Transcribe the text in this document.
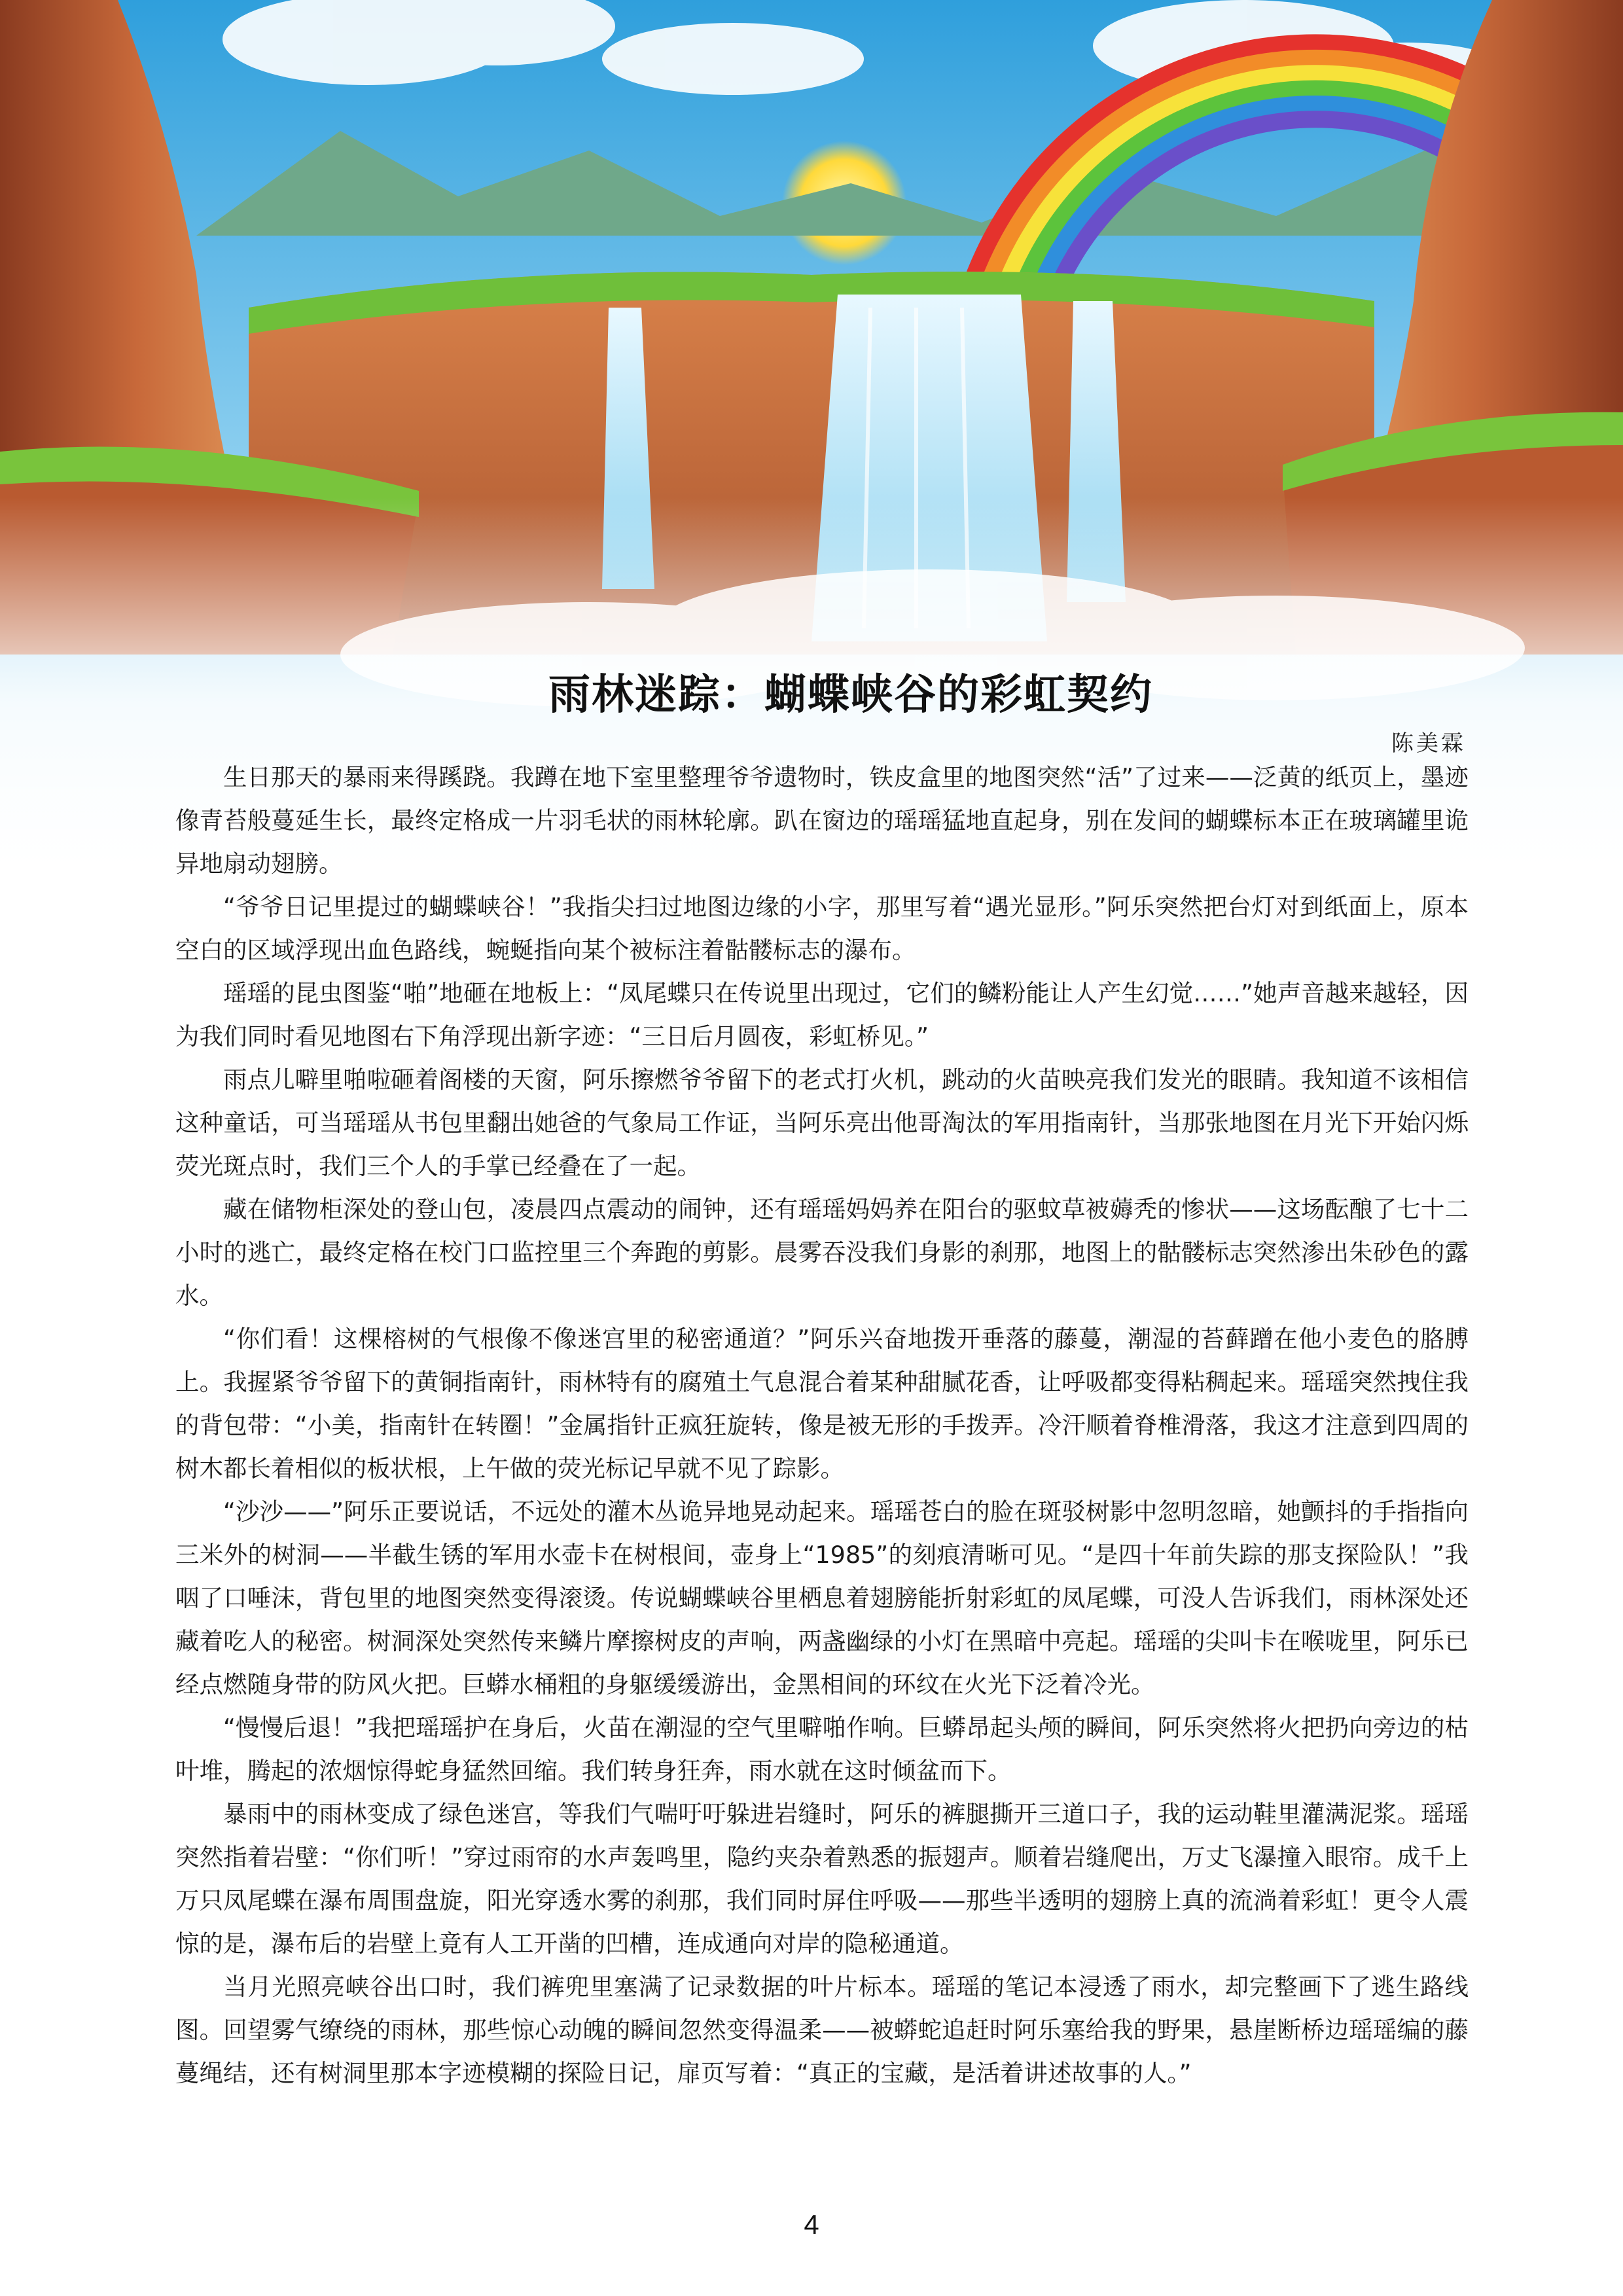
雨林迷踪：蝴蝶峡谷的彩虹契约
陈美霖

生日那天的暴雨来得蹊跷。我蹲在地下室里整理爷爷遗物时，铁皮盒里的地图突然“活”了过来——泛黄的纸页上，墨迹像青苔般蔓延生长，最终定格成一片羽毛状的雨林轮廓。趴在窗边的瑶瑶猛地直起身，别在发间的蝴蝶标本正在玻璃罐里诡异地扇动翅膀。

“爷爷日记里提过的蝴蝶峡谷！”我指尖扫过地图边缘的小字，那里写着“遇光显形。”阿乐突然把台灯对到纸面上，原本空白的区域浮现出血色路线，蜿蜒指向某个被标注着骷髅标志的瀑布。

瑶瑶的昆虫图鉴“啪”地砸在地板上：“凤尾蝶只在传说里出现过，它们的鳞粉能让人产生幻觉……”她声音越来越轻，因为我们同时看见地图右下角浮现出新字迹：“三日后月圆夜，彩虹桥见。”

雨点儿噼里啪啦砸着阁楼的天窗，阿乐擦燃爷爷留下的老式打火机，跳动的火苗映亮我们发光的眼睛。我知道不该相信这种童话，可当瑶瑶从书包里翻出她爸的气象局工作证，当阿乐亮出他哥淘汰的军用指南针，当那张地图在月光下开始闪烁荧光斑点时，我们三个人的手掌已经叠在了一起。

藏在储物柜深处的登山包，凌晨四点震动的闹钟，还有瑶瑶妈妈养在阳台的驱蚊草被薅秃的惨状——这场酝酿了七十二小时的逃亡，最终定格在校门口监控里三个奔跑的剪影。晨雾吞没我们身影的刹那，地图上的骷髅标志突然渗出朱砂色的露水。

“你们看！这棵榕树的气根像不像迷宫里的秘密通道？”阿乐兴奋地拨开垂落的藤蔓，潮湿的苔藓蹭在他小麦色的胳膊上。我握紧爷爷留下的黄铜指南针，雨林特有的腐殖土气息混合着某种甜腻花香，让呼吸都变得粘稠起来。瑶瑶突然拽住我的背包带：“小美，指南针在转圈！”金属指针正疯狂旋转，像是被无形的手拨弄。冷汗顺着脊椎滑落，我这才注意到四周的树木都长着相似的板状根，上午做的荧光标记早就不见了踪影。

“沙沙——”阿乐正要说话，不远处的灌木丛诡异地晃动起来。瑶瑶苍白的脸在斑驳树影中忽明忽暗，她颤抖的手指指向三米外的树洞——半截生锈的军用水壶卡在树根间，壶身上“1985”的刻痕清晰可见。“是四十年前失踪的那支探险队！”我咽了口唾沫，背包里的地图突然变得滚烫。传说蝴蝶峡谷里栖息着翅膀能折射彩虹的凤尾蝶，可没人告诉我们，雨林深处还藏着吃人的秘密。树洞深处突然传来鳞片摩擦树皮的声响，两盏幽绿的小灯在黑暗中亮起。瑶瑶的尖叫卡在喉咙里，阿乐已经点燃随身带的防风火把。巨蟒水桶粗的身躯缓缓游出，金黑相间的环纹在火光下泛着冷光。

“慢慢后退！”我把瑶瑶护在身后，火苗在潮湿的空气里噼啪作响。巨蟒昂起头颅的瞬间，阿乐突然将火把扔向旁边的枯叶堆，腾起的浓烟惊得蛇身猛然回缩。我们转身狂奔，雨水就在这时倾盆而下。

暴雨中的雨林变成了绿色迷宫，等我们气喘吁吁躲进岩缝时，阿乐的裤腿撕开三道口子，我的运动鞋里灌满泥浆。瑶瑶突然指着岩壁：“你们听！”穿过雨帘的水声轰鸣里，隐约夹杂着熟悉的振翅声。顺着岩缝爬出，万丈飞瀑撞入眼帘。成千上万只凤尾蝶在瀑布周围盘旋，阳光穿透水雾的刹那，我们同时屏住呼吸——那些半透明的翅膀上真的流淌着彩虹！更令人震惊的是，瀑布后的岩壁上竟有人工开凿的凹槽，连成通向对岸的隐秘通道。

当月光照亮峡谷出口时，我们裤兜里塞满了记录数据的叶片标本。瑶瑶的笔记本浸透了雨水，却完整画下了逃生路线图。回望雾气缭绕的雨林，那些惊心动魄的瞬间忽然变得温柔——被蟒蛇追赶时阿乐塞给我的野果，悬崖断桥边瑶瑶编的藤蔓绳结，还有树洞里那本字迹模糊的探险日记，扉页写着：“真正的宝藏，是活着讲述故事的人。”

4
